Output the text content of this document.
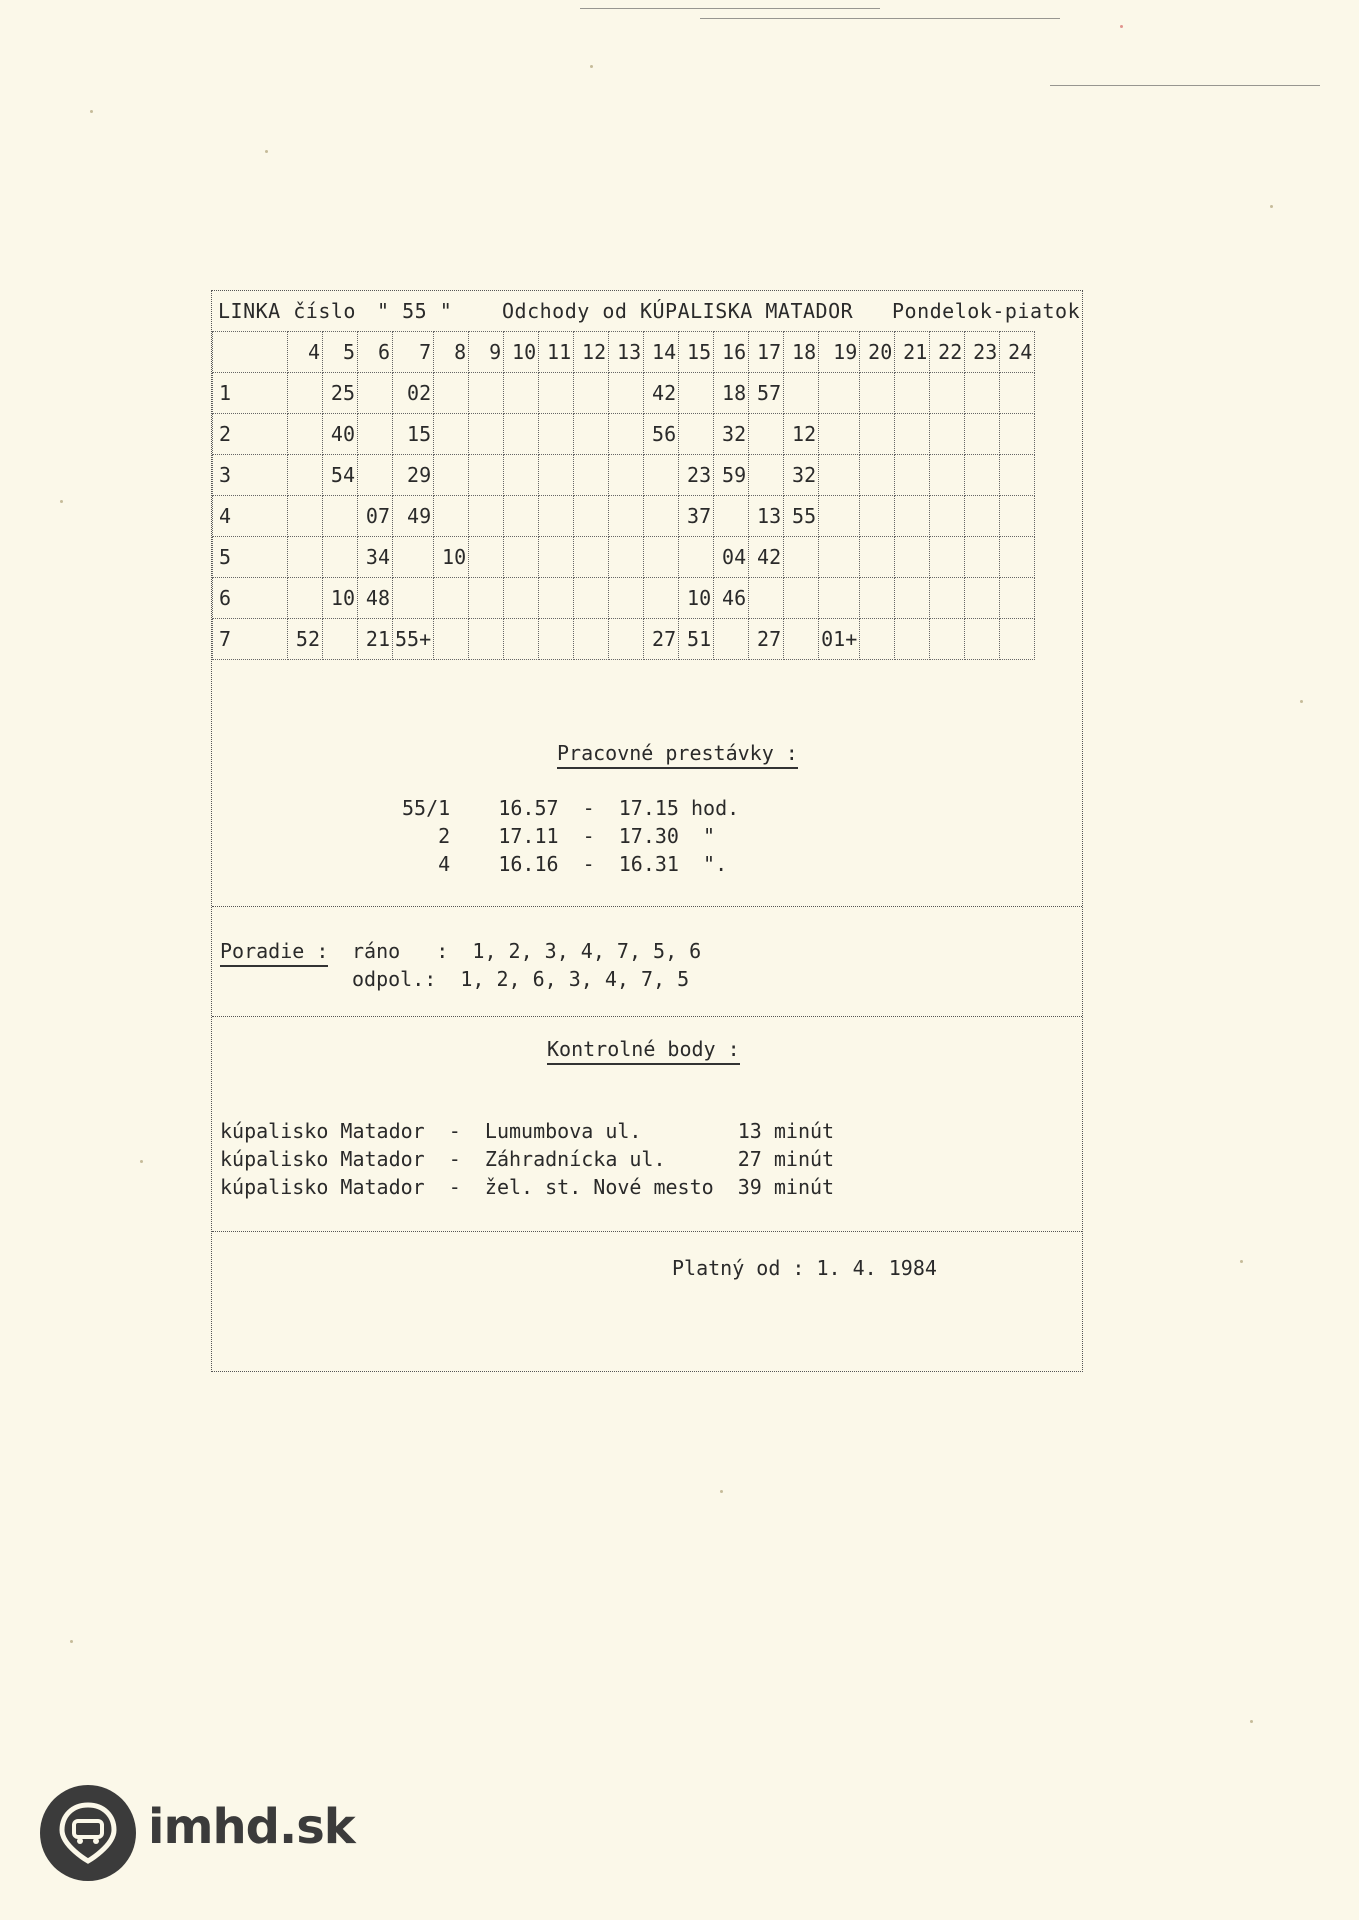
LINKA číslo " 55 " Odchody od KÚPALISKA MATADOR Pondelok-piatok
	4	5	6	7	8	9	10	11	12	13	14	15	16	17	18	19	20	21	22	23	24
1		25		02							42		18	57							
2		40		15							56		32		12						
3		54		29								23	59		32						
4			07	49								37		13	55						
5			34		10								04	42							
6		10	48									10	46								
7	52		21	55+							27	51		27		01+					
Pracovné prestávky :
55/1    16.57  -  17.15 hod.
2    17.11  -  17.30  "
4    16.16  -  16.31  ".
Poradie : ráno   :  1, 2, 3, 4, 7, 5, 6
odpol.:  1, 2, 6, 3, 4, 7, 5
Kontrolné body :
kúpalisko Matador  -  Lumumbova ul.        13 minút
kúpalisko Matador  -  Záhradnícka ul.      27 minút
kúpalisko Matador  -  žel. st. Nové mesto  39 minút
Platný od : 1. 4. 1984
imhd.sk
